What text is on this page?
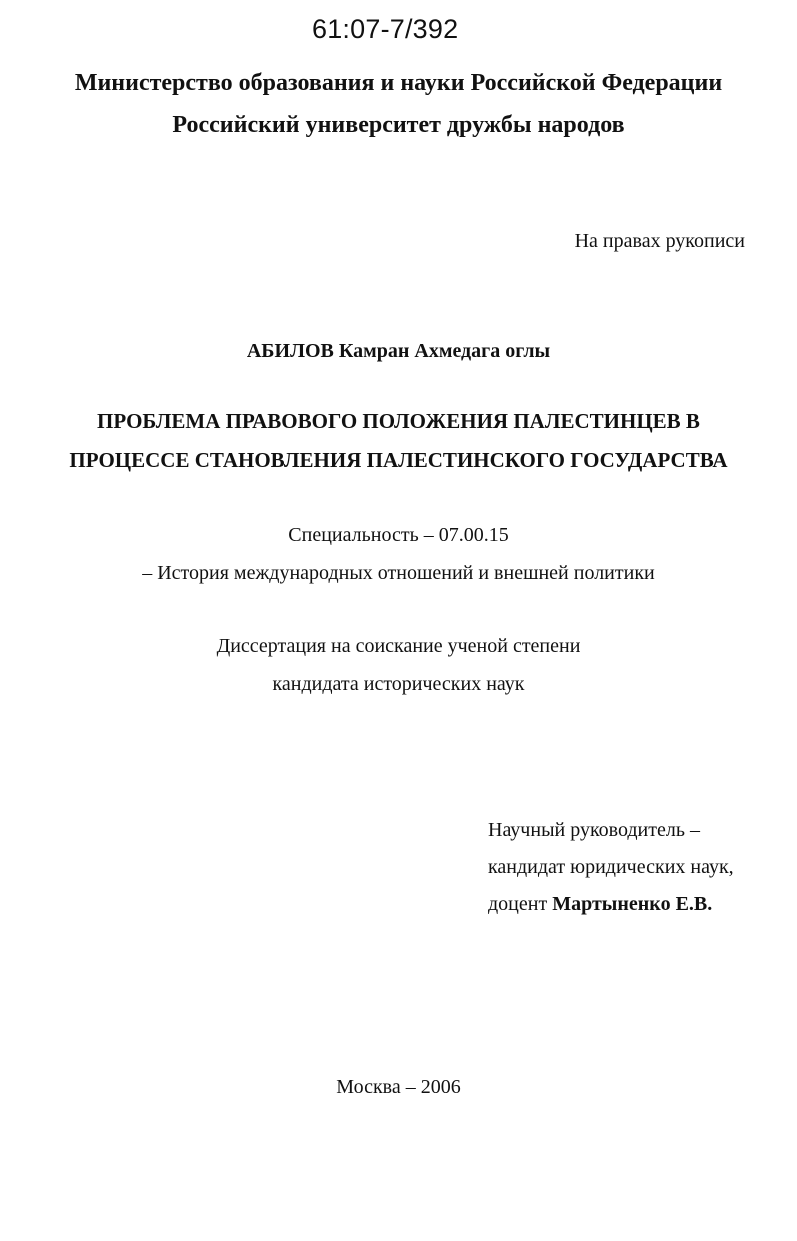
61:07-7/392
Министерство образования и науки Российской Федерации
Российский университет дружбы народов
На правах рукописи
АБИЛОВ Камран Ахмедага оглы
ПРОБЛЕМА ПРАВОВОГО ПОЛОЖЕНИЯ ПАЛЕСТИНЦЕВ В
ПРОЦЕССЕ СТАНОВЛЕНИЯ ПАЛЕСТИНСКОГО ГОСУДАРСТВА
Специальность – 07.00.15
– История международных отношений и внешней политики
Диссертация на соискание ученой степени
кандидата исторических наук
Научный руководитель –
кандидат юридических наук,
доцент Мартыненко Е.В.
Москва – 2006
